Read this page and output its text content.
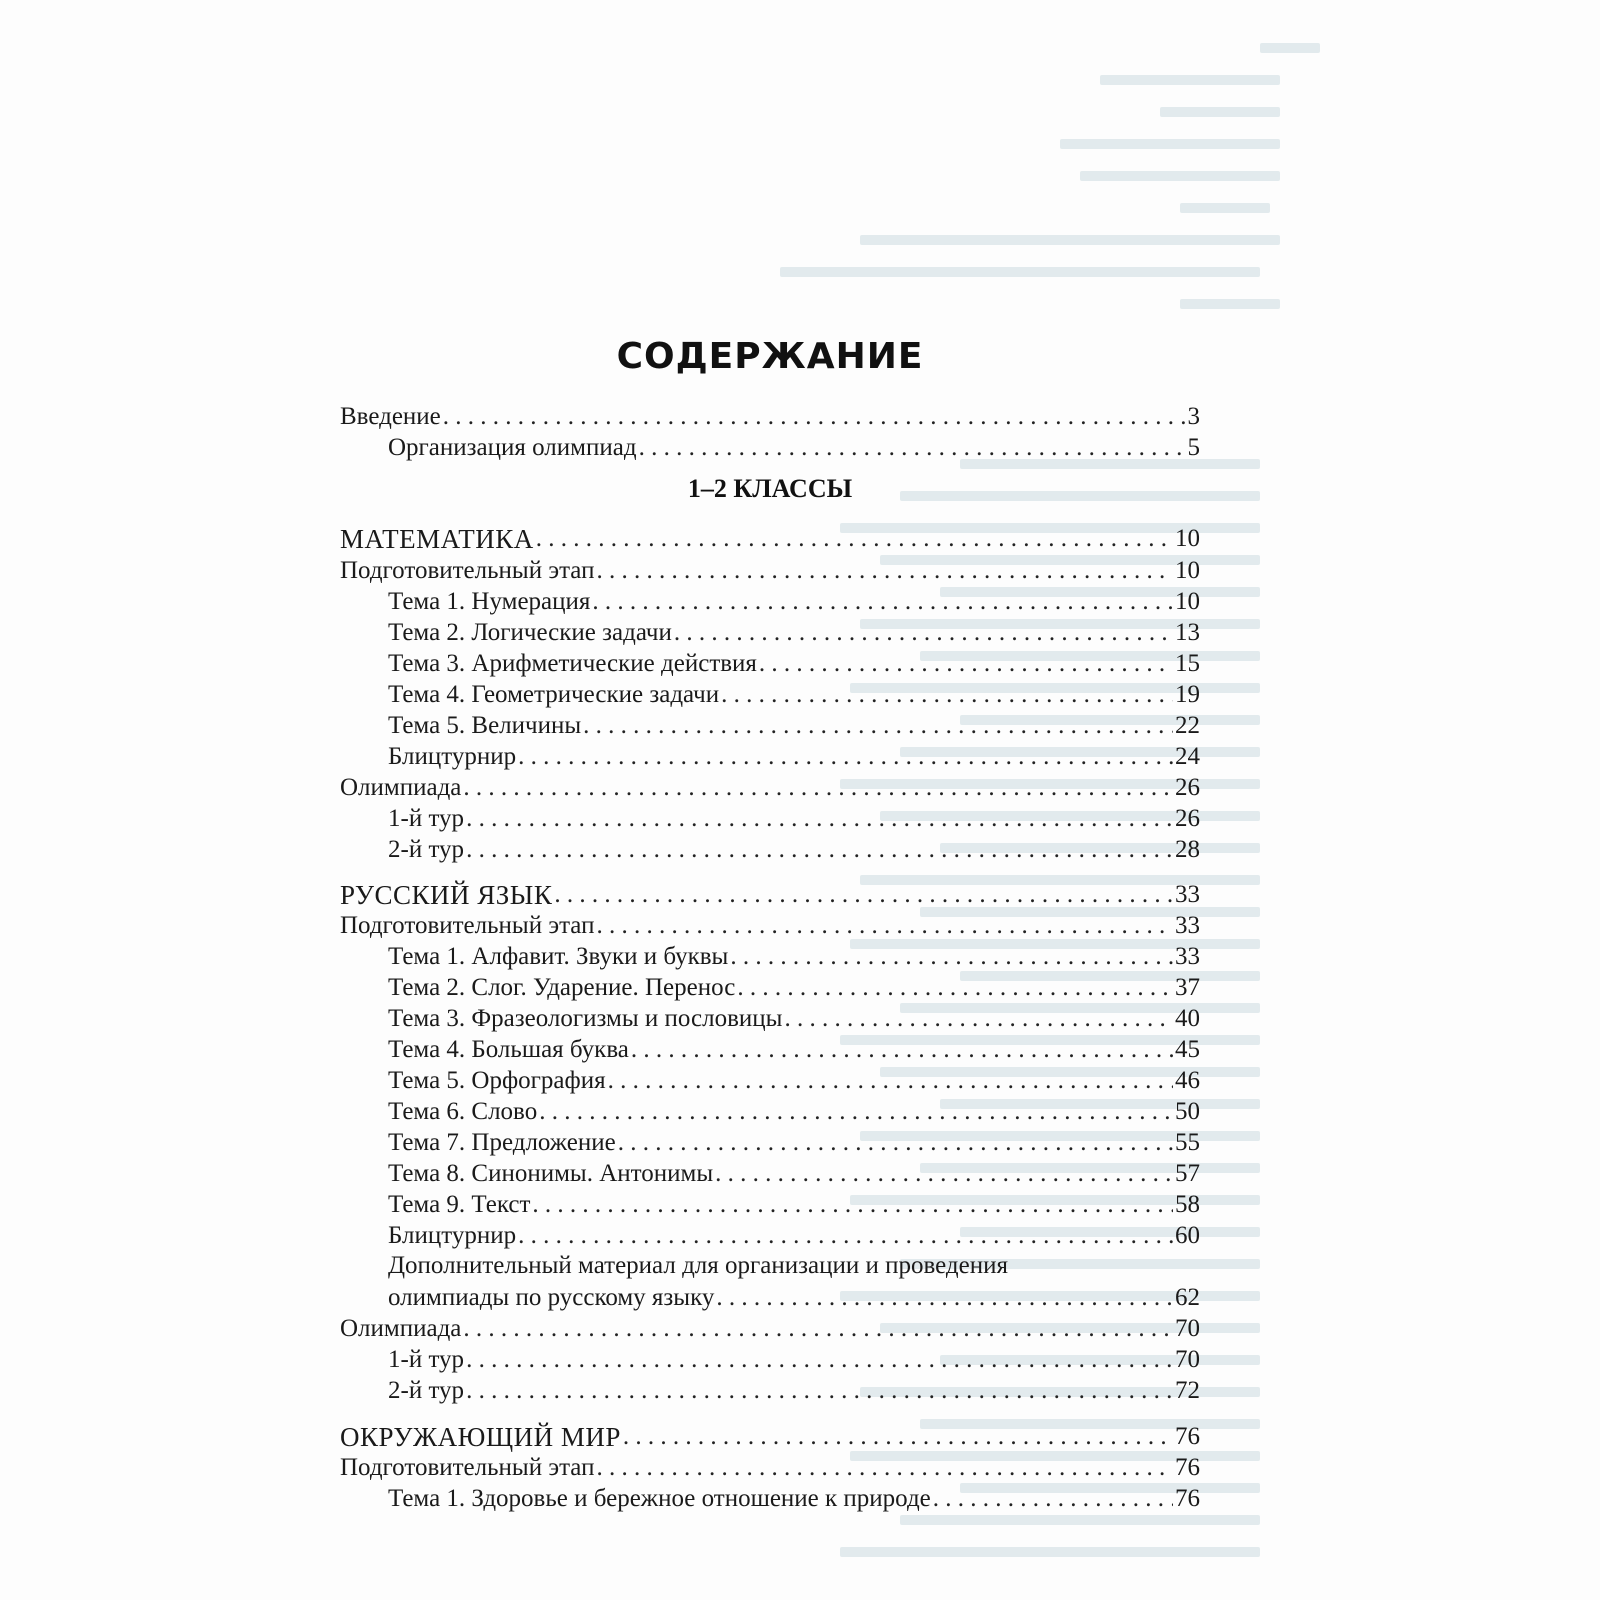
СОДЕРЖАНИЕ
Введение . . .	3
Организация олимпиад . . .	5
1–2 КЛАССЫ
МАТЕМАТИКА . . .	10
Подготовительный этап . . .	10
Тема 1. Нумерация . . .	10
Тема 2. Логические задачи . . .	13
Тема 3. Арифметические действия . . .	15
Тема 4. Геометрические задачи . . .	19
Тема 5. Величины . . .	22
Блицтурнир . . .	24
Олимпиада . . .	26
1-й тур . . .	26
2-й тур . . .	28
РУССКИЙ ЯЗЫК . . .	33
Подготовительный этап . . .	33
Тема 1. Алфавит. Звуки и буквы . . .	33
Тема 2. Слог. Ударение. Перенос . . .	37
Тема 3. Фразеологизмы и пословицы . . .	40
Тема 4. Большая буква . . .	45
Тема 5. Орфография . . .	46
Тема 6. Слово . . .	50
Тема 7. Предложение . . .	55
Тема 8. Синонимы. Антонимы . . .	57
Тема 9. Текст . . .	58
Блицтурнир . . .	60
Дополнительный материал для организации и проведения
олимпиады по русскому языку . . .	62
Олимпиада . . .	70
1-й тур . . .	70
2-й тур . . .	72
ОКРУЖАЮЩИЙ МИР . . .	76
Подготовительный этап . . .	76
Тема 1. Здоровье и бережное отношение к природе . . .	76
